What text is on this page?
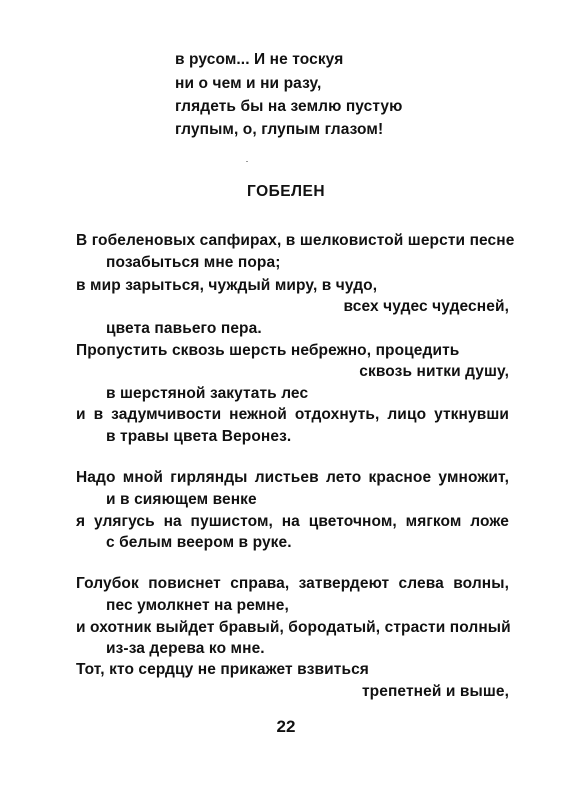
в русом... И не тоскуя
ни о чем и ни разу,
глядеть бы на землю пустую
глупым, о, глупым глазом!
ГОБЕЛЕН
В гобеленовых сапфирах, в шелковистой шерсти песне
позабыться мне пора;
в мир зарыться, чуждый миру, в чудо,
всех чудес чудесней,
цвета павьего пера.
Пропустить сквозь шерсть небрежно, процедить
сквозь нитки душу,
в шерстяной закутать лес
и в задумчивости нежной отдохнуть, лицо уткнувши
в травы цвета Веронез.
Надо мной гирлянды листьев лето красное умножит,
и в сияющем венке
я улягусь на пушистом, на цветочном, мягком ложе
с белым веером в руке.
Голубок повиснет справа, затвердеют слева волны,
пес умолкнет на ремне,
и охотник выйдет бравый, бородатый, страсти полный
из-за дерева ко мне.
Тот, кто сердцу не прикажет взвиться
трепетней и выше,
22
